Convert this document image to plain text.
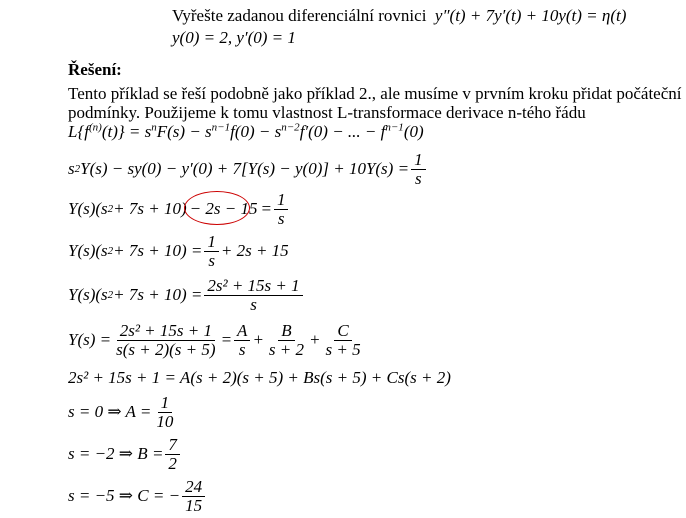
Vyřešte zadanou diferenciální rovnici y″(t) + 7y′(t) + 10y(t) = η(t)
y(0) = 2, y′(0) = 1
Řešení:
Tento příklad se řeší podobně jako příklad 2., ale musíme v prvním kroku přidat počáteční
podmínky. Použijeme k tomu vlastnost L-transformace derivace n-tého řádu
$L\{f^{(n)}(t)\} = s^nF(s) - s^{n-1}f(0) - s^{n-2}f'(0)$ − ... − $f^{n-1}(0)$
s 2 $Y(s) - sy(0) - y'(0) + 7[Y(s) - y(0)] + 10Y(s) = \frac{1}{s}$
Y(s)(s $2 + 7s + 10) - 2s - 15 = \frac{1}{s}$
Y(s)(s $2 + 7s + 10) = \frac{1}{s} + 2s + 15$
Y(s)(s $2 + 7s + 10) = \frac{\text{2s² + 15s + 1}}{s}$
$Y(s) = \frac{\text{2s² + 15s + 1}}{s(s + 2)(s + 5)} = \frac{A}{s} + \frac{B}{s + 2} + \frac{C}{s + 5}$
2s² + 15s + 1 = A(s + 2)(s + 5) + Bs(s + 5) + Cs(s + 2)
s = 0 ⇒ $A = \frac{1}{10}$
s = −2 ⇒ $B = \frac{7}{2}$
s = −5 ⇒ C = − $\frac{24}{15}$
